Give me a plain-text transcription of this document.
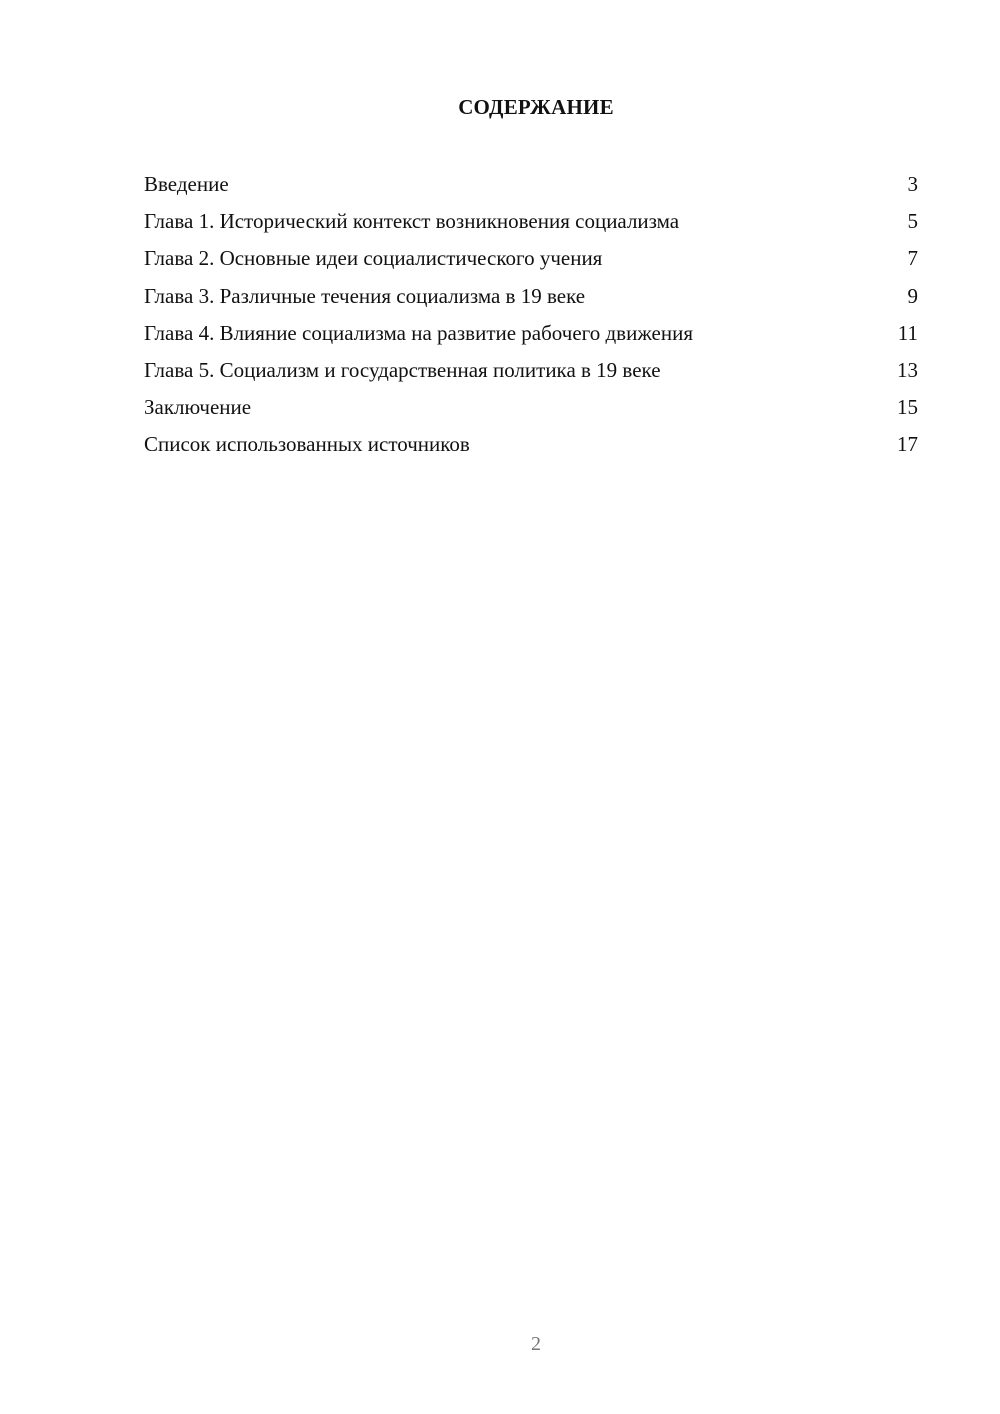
СОДЕРЖАНИЕ
Введение	3
Глава 1. Исторический контекст возникновения социализма	5
Глава 2. Основные идеи социалистического учения	7
Глава 3. Различные течения социализма в 19 веке	9
Глава 4. Влияние социализма на развитие рабочего движения	11
Глава 5. Социализм и государственная политика в 19 веке	13
Заключение	15
Список использованных источников	17
2
